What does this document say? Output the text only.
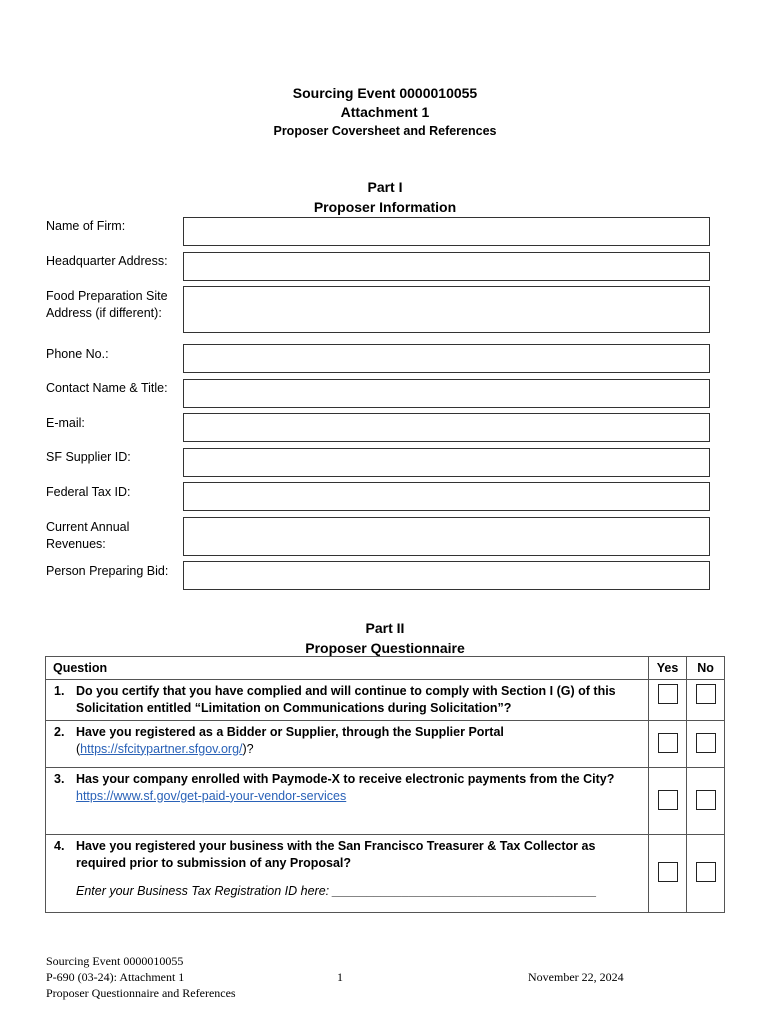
Sourcing Event 0000010055
Attachment 1
Proposer Coversheet and References
Part I
Proposer Information
Name of Firm:
Headquarter Address:
Food Preparation Site Address (if different):
Phone No.:
Contact Name & Title:
E-mail:
SF Supplier ID:
Federal Tax ID:
Current Annual Revenues:
Person Preparing Bid:
Part II
Proposer Questionnaire
Question	Yes	No

1. Do you certify that you have complied and will continue to comply with Section I (G) of this Solicitation entitled “Limitation on Communications during Solicitation”?		

2. Have you registered as a Bidder or Supplier, through the Supplier Portal
(https://sfcitypartner.sfgov.org/)?		

3. Has your company enrolled with Paymode-X to receive electronic payments from the City?
https://www.sf.gov/get-paid-your-vendor-services		

4. Have you registered your business with the San Francisco Treasurer & Tax Collector as required prior to submission of any Proposal?
Enter your Business Tax Registration ID here: ______________________________________		

Sourcing Event 0000010055
P-690 (03-24): Attachment 1
Proposer Questionnaire and References
1	November 22, 2024
